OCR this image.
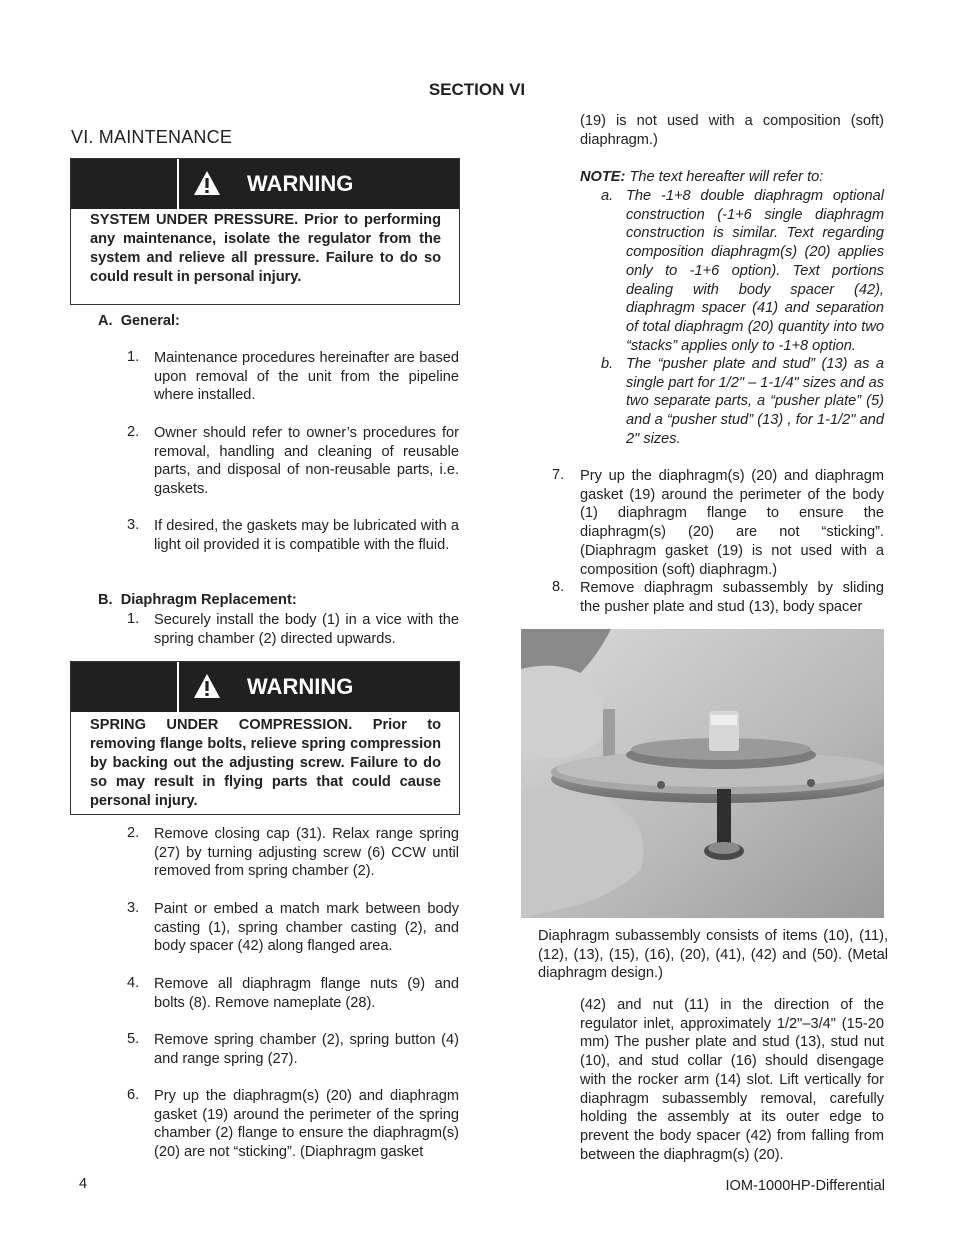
SECTION VI
VI. MAINTENANCE
WARNING
SYSTEM UNDER PRESSURE. Prior to performing any maintenance, isolate the regulator from the system and relieve all pressure. Failure to do so could result in personal injury.
A.  General:
1.	Maintenance procedures hereinafter are based upon removal of the unit from the pipeline where installed.
2.	Owner should refer to owner’s procedures for removal, handling and cleaning of reusable parts, and disposal of non-reusable parts, i.e. gaskets.
3.	If desired, the gaskets may be lubricated with a light oil provided it is compatible with the fluid.
B.  Diaphragm Replacement:
1.	Securely install the body (1) in a vice with the spring chamber (2) directed upwards.
WARNING
SPRING UNDER COMPRESSION. Prior to removing flange bolts, relieve spring compression by backing out the adjusting screw. Failure to do so may result in flying parts that could cause personal injury.
2.	Remove closing cap (31). Relax range spring (27) by turning adjusting screw (6) CCW until removed from spring chamber (2).
3.	Paint or embed a match mark between body casting (1), spring chamber casting (2), and body spacer (42) along flanged area.
4.	Remove all diaphragm flange nuts (9) and bolts (8). Remove nameplate (28).
5.	Remove spring chamber (2), spring button (4) and range spring (27).
6.	Pry up the diaphragm(s) (20) and diaphragm gasket (19) around the perimeter of the spring chamber (2) flange to ensure the diaphragm(s) (20) are not “sticking”. (Diaphragm gasket
(19) is not used with a composition (soft) diaphragm.)
NOTE: The text hereafter will refer to:
a. The -1+8 double diaphragm optional construction (-1+6 single diaphragm construction is similar. Text regarding composition diaphragm(s) (20) applies only to -1+6 option). Text portions dealing with body spacer (42), diaphragm spacer (41) and separation of total diaphragm (20) quantity into two “stacks” applies only to -1+8 option.
b. The “pusher plate and stud” (13) as a single part for 1/2" – 1-1/4" sizes and as two separate parts, a “pusher plate” (5) and a “pusher stud” (13) , for 1-1/2" and 2" sizes.
7.	Pry up the diaphragm(s) (20) and diaphragm gasket (19) around the perimeter of the body (1) diaphragm flange to ensure the diaphragm(s) (20) are not “sticking”. (Diaphragm gasket (19) is not used with a composition (soft) diaphragm.)
8.	Remove diaphragm subassembly by sliding the pusher plate and stud (13), body spacer
Diaphragm subassembly consists of items (10), (11), (12), (13), (15), (16), (20), (41), (42) and (50). (Metal diaphragm design.)
(42) and nut (11) in the direction of the regulator inlet, approximately 1/2"–3/4" (15-20 mm) The pusher plate and stud (13), stud nut (10), and stud collar (16) should disengage with the rocker arm (14) slot. Lift vertically for diaphragm subassembly removal, carefully holding the assembly at its outer edge to prevent the body spacer (42) from falling from between the diaphragm(s) (20).
4	IOM-1000HP-Differential
